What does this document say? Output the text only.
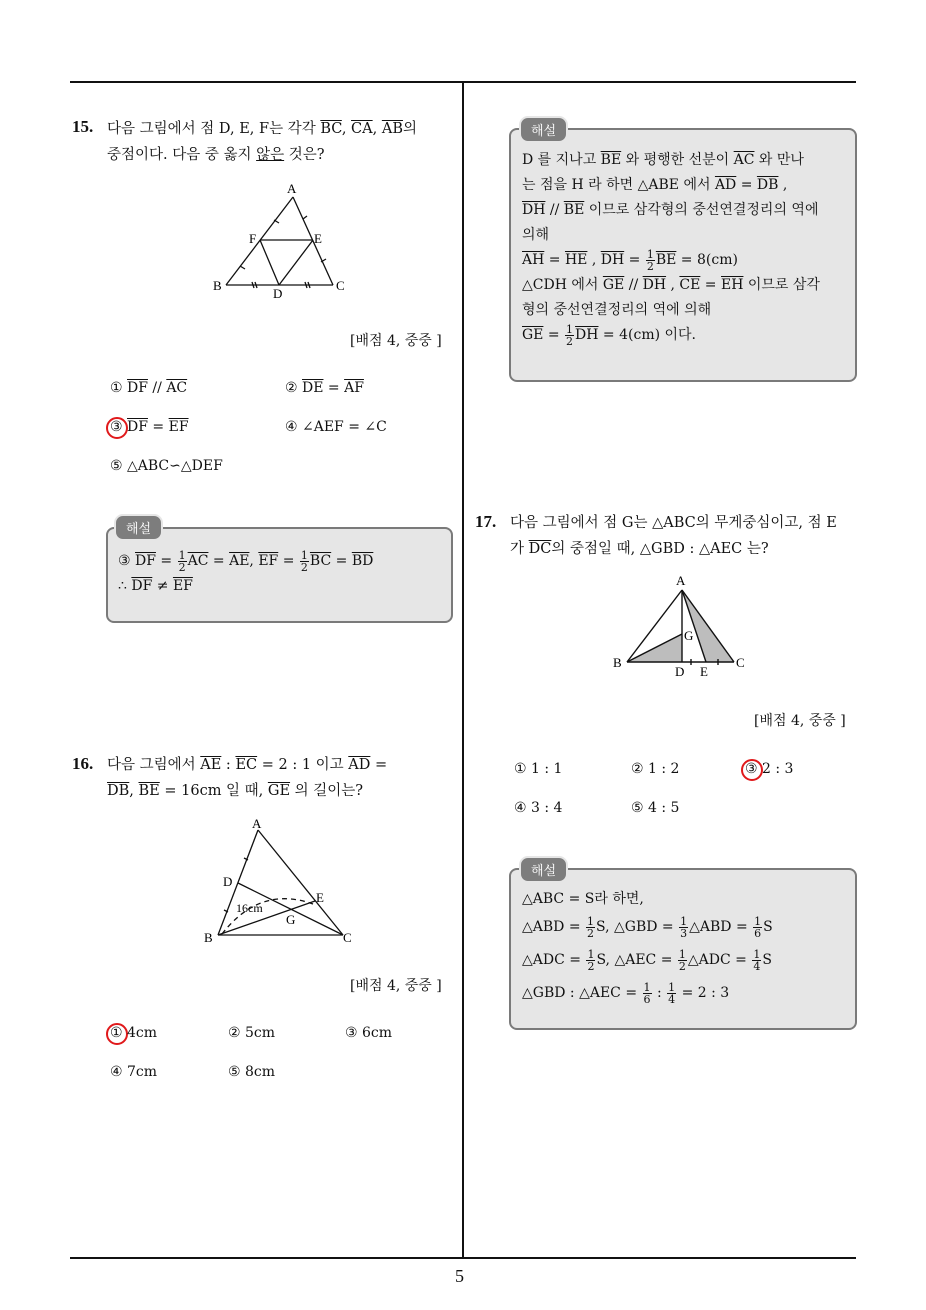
5
15. 다음 그림에서 점 D, E, F는 각각 $\overline{BC}$, $\overline{CA}$, $\overline{AB}$의
중점이다. 다음 중 옳지 않은 것은?
A
B	C
D
E
F
[배점 4, 중중 ]
① $\overline{DF} // \overline{AC}$	② $\overline{DE} = \overline{AF}$
③ $\overline{DF} = \overline{EF}$	④ ∠AEF = ∠C
⑤ △ABC∽△DEF
해설
③ $\overline{DF} = \frac{1}{2} \overline{AC} = \overline{AE}$, $\overline{EF} = \frac{1}{2} \overline{BC} = \overline{BD}$
∴ $\overline{DF} \ne \overline{EF}$
16. 다음 그림에서 $\overline{AE}$ : $\overline{EC} = 2$ : 1 이고 $\overline{AD}$ =
$\overline{DB}$, $\overline{BE} = 16cm$ 일 때, $\overline{GE}$ 의 길이는?
A
B	C
D
E
G
16cm
[배점 4, 중중 ]
① 4cm	② 5cm	③ 6cm
④ 7cm	⑤ 8cm
해설
D 를 지나고 $\overline{BE}$ 와 평행한 선분이 $\overline{AC}$ 와 만나
는 점을 H 라 하면 △ABE 에서 $\overline{AD} = \overline{DB}$ ,
$\overline{DH} // \overline{BE}$ 이므로 삼각형의 중선연결정리의 역에
의해
$\overline{AH} = \overline{HE}$ , $\overline{DH} = \frac{1}{2} \overline{BE} = 8(cm)$
△CDH 에서 $\overline{GE} // \overline{DH}$ , $\overline{CE} = \overline{EH}$ 이므로 삼각
형의 중선연결정리의 역에 의해
$\overline{GE} = \frac{1}{2} \overline{DH} = 4(cm)$ 이다.
17. 다음 그림에서 점 G는 △ABC의 무게중심이고, 점 E
가 $\overline{DC}$의 중점일 때, △GBD : △AEC 는?
A
B	C
D E
G
[배점 4, 중중 ]
① 1 : 1	② 1 : 2	③ 2 : 3
④ 3 : 4	⑤ 4 : 5
해설
△ABC = S라 하면,
△ABD = $\frac{1}{2} S$, △GBD = $\frac{1}{3}$ △ABD = $\frac{1}{6}$ S
△ADC = $\frac{1}{2} S$, △AEC = $\frac{1}{2}$ △ADC = $\frac{1}{4}$ S
△GBD : △AEC = $\frac{1}{6}$ : $\frac{1}{4} = 2$ : 3
